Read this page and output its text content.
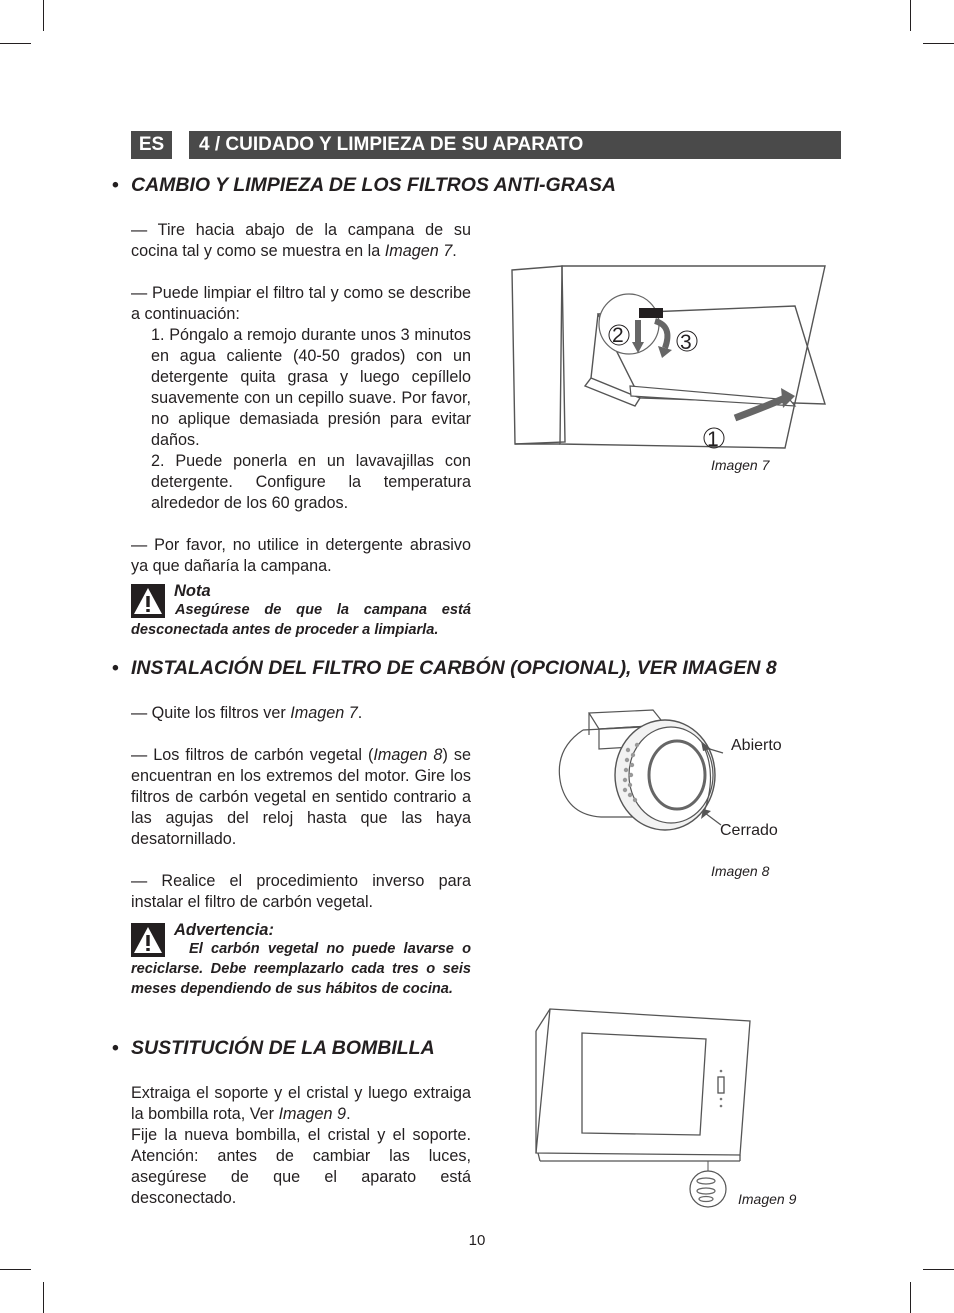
ES	4 / CUIDADO Y LIMPIEZA DE SU APARATO
• CAMBIO Y LIMPIEZA DE LOS FILTROS ANTI-GRASA

— Tire hacia abajo de la campana de su cocina tal y como se muestra en la Imagen 7.

— Puede limpiar el filtro tal y como se describe a continuación:

1. Póngalo a remojo durante unos 3 minutos en agua caliente (40-50 grados) con un detergente quita grasa y luego cepíllelo suavemente con un cepillo suave. Por favor, no aplique demasiada presión para evitar daños.

2. Puede ponerla en un lavavajillas con detergente. Configure la temperatura alrededor de los 60 grados.

— Por favor, no utilice in detergente abrasivo ya que dañaría la campana.

Nota
Asegúrese de que la campana está desconectada antes de proceder a limpiarla.
2	3
1
Imagen 7
• INSTALACIÓN DEL FILTRO DE CARBÓN (OPCIONAL), VER IMAGEN 8

— Quite los filtros ver Imagen 7.

— Los filtros de carbón vegetal (Imagen 8) se encuentran en los extremos del motor. Gire los filtros de carbón vegetal en sentido contrario a las agujas del reloj hasta que las haya desatornillado.

— Realice el procedimiento inverso para instalar el filtro de carbón vegetal.

Advertencia:
El carbón vegetal no puede lavarse o reciclarse. Debe reemplazarlo cada tres o seis meses dependiendo de sus hábitos de cocina.
Abierto
Cerrado
Imagen 8
• SUSTITUCIÓN DE LA BOMBILLA

Extraiga el soporte y el cristal y luego extraiga la bombilla rota, Ver Imagen 9.

Fije la nueva bombilla, el cristal y el soporte. Atención: antes de cambiar las luces, asegúrese de que el aparato está desconectado.	Imagen 9
10
